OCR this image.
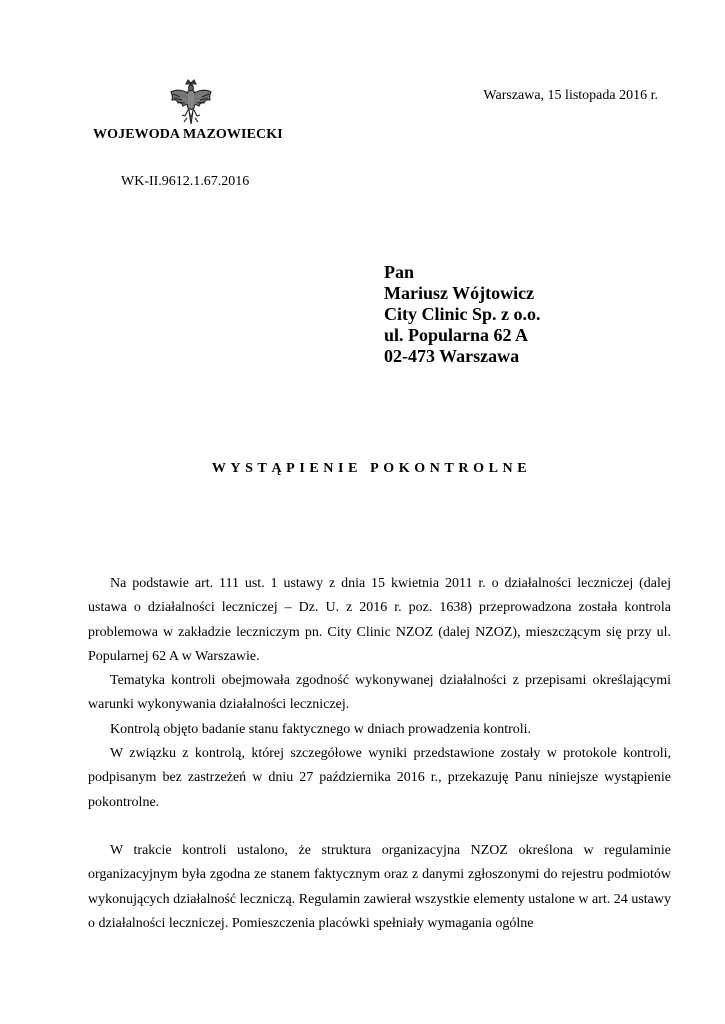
WOJEWODA MAZOWIECKI
Warszawa, 15 listopada 2016 r.
WK-II.9612.1.67.2016
Pan
Mariusz Wójtowicz
City Clinic Sp. z o.o.
ul. Popularna 62 A
02-473 Warszawa
WYSTĄPIENIE POKONTROLNE

Na podstawie art. 111 ust. 1 ustawy z dnia 15 kwietnia 2011 r. o działalności leczniczej (dalej ustawa o działalności leczniczej – Dz. U. z 2016 r. poz. 1638) przeprowadzona została kontrola problemowa w zakładzie leczniczym pn. City Clinic NZOZ (dalej NZOZ), mieszczącym się przy ul. Popularnej 62 A w Warszawie.

Tematyka kontroli obejmowała zgodność wykonywanej działalności z przepisami określającymi warunki wykonywania działalności leczniczej.

Kontrolą objęto badanie stanu faktycznego w dniach prowadzenia kontroli.

W związku z kontrolą, której szczegółowe wyniki przedstawione zostały w protokole kontroli, podpisanym bez zastrzeżeń w dniu 27 października 2016 r., przekazuję Panu niniejsze wystąpienie pokontrolne.

W trakcie kontroli ustalono, że struktura organizacyjna NZOZ określona w regulaminie organizacyjnym była zgodna ze stanem faktycznym oraz z danymi zgłoszonymi do rejestru podmiotów wykonujących działalność leczniczą. Regulamin zawierał wszystkie elementy ustalone w art. 24 ustawy o działalności leczniczej. Pomieszczenia placówki spełniały wymagania ogólne
